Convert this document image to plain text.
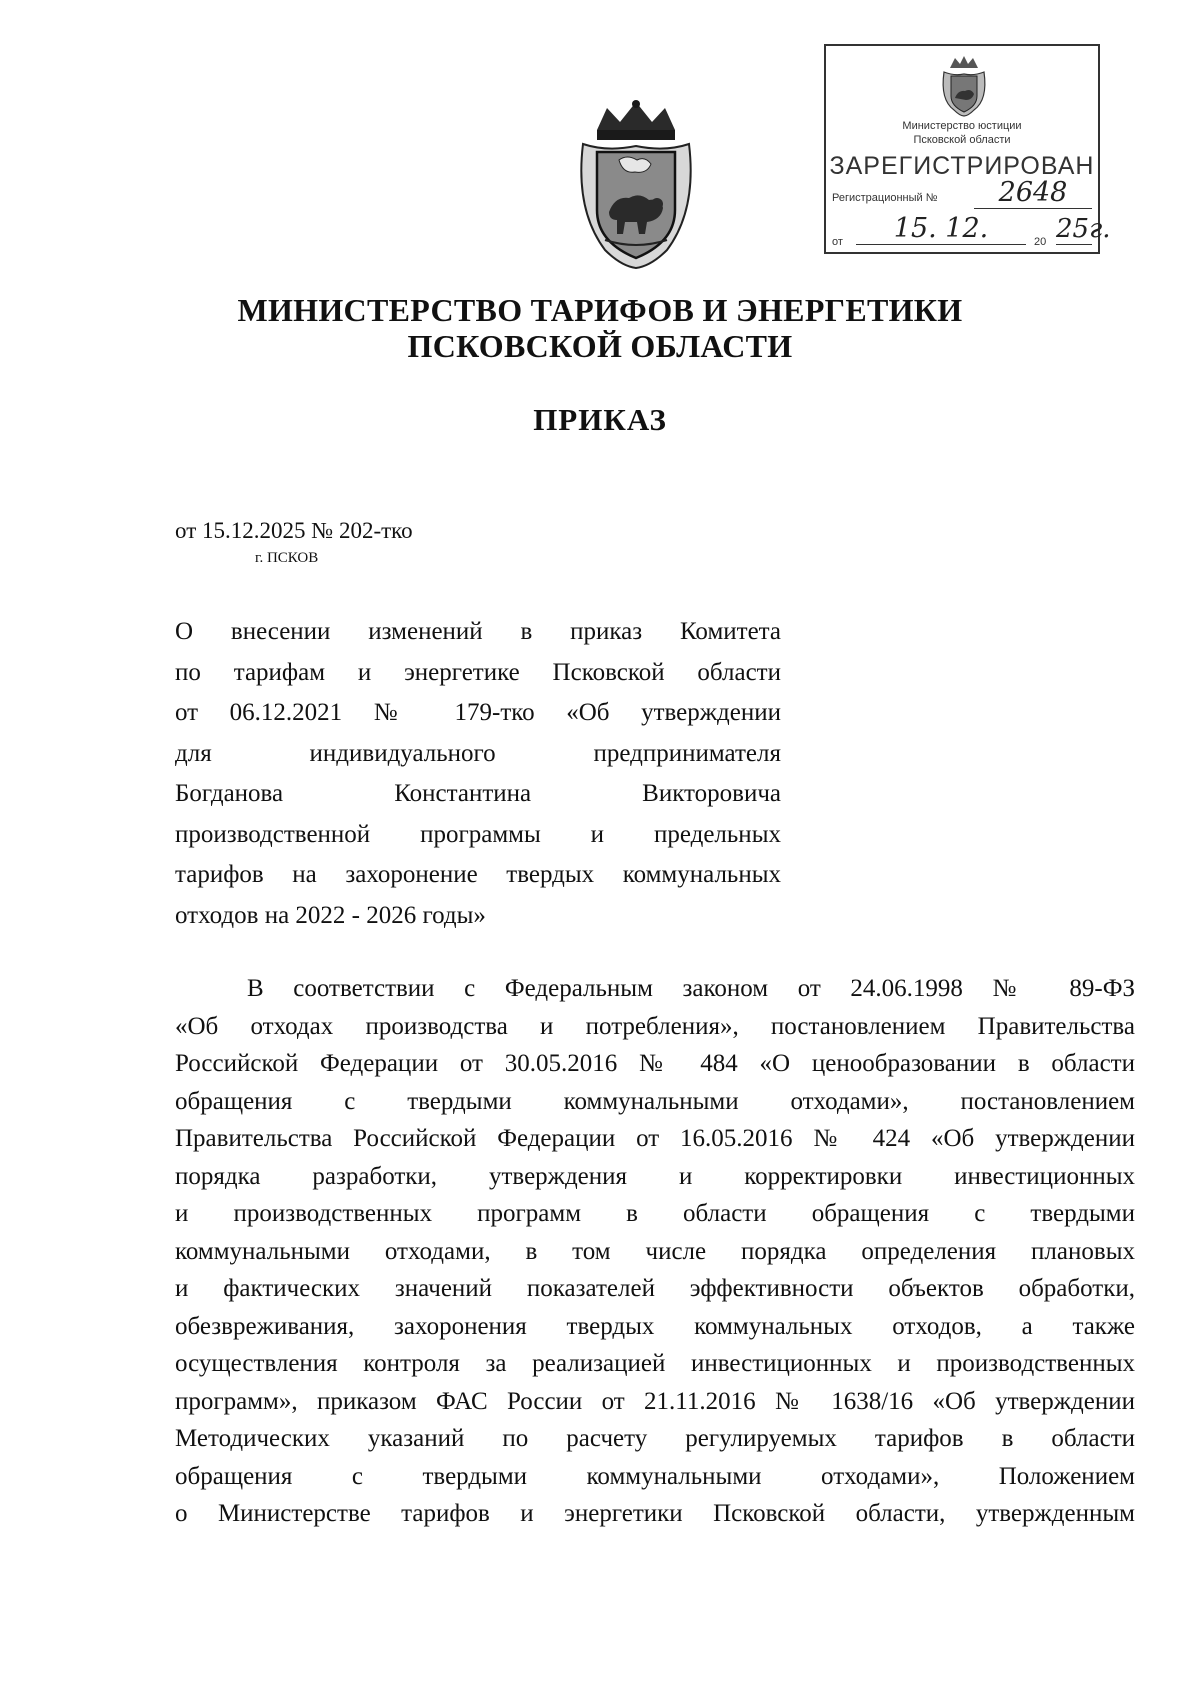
Министерство юстиции
Псковской области
ЗАРЕГИСТРИРОВАН
Регистрационный №	2648
от	15. 12.	20 25г.
МИНИСТЕРСТВО ТАРИФОВ И ЭНЕРГЕТИКИ
ПСКОВСКОЙ ОБЛАСТИ
ПРИКАЗ
от 15.12.2025 № 202-тко
г. ПСКОВ
О внесении изменений в приказ Комитета
по тарифам и энергетике Псковской области
от 06.12.2021 № 179-тко «Об утверждении
для индивидуального предпринимателя
Богданова Константина Викторовича
производственной программы и предельных
тарифов на захоронение твердых коммунальных
отходов на 2022 - 2026 годы»
В соответствии с Федеральным законом от 24.06.1998 № 89-ФЗ
«Об отходах производства и потребления», постановлением Правительства
Российской Федерации от 30.05.2016 № 484 «О ценообразовании в области
обращения с твердыми коммунальными отходами», постановлением
Правительства Российской Федерации от 16.05.2016 № 424 «Об утверждении
порядка разработки, утверждения и корректировки инвестиционных
и производственных программ в области обращения с твердыми
коммунальными отходами, в том числе порядка определения плановых
и фактических значений показателей эффективности объектов обработки,
обезвреживания, захоронения твердых коммунальных отходов, а также
осуществления контроля за реализацией инвестиционных и производственных
программ», приказом ФАС России от 21.11.2016 № 1638/16 «Об утверждении
Методических указаний по расчету регулируемых тарифов в области
обращения с твердыми коммунальными отходами», Положением
о Министерстве тарифов и энергетики Псковской области, утвержденным
